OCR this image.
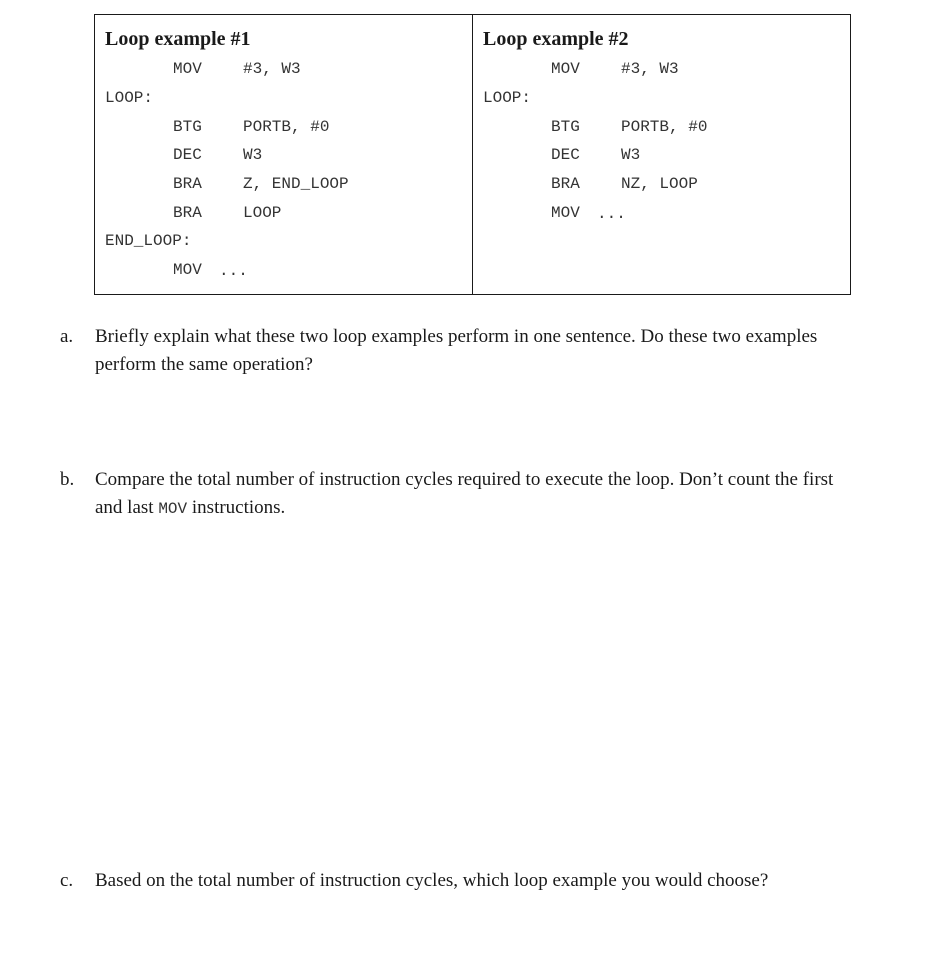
Loop example #1
MOV	#3, W3
LOOP:
BTG	PORTB, #0
DEC	W3
BRA	Z, END_LOOP
BRA	LOOP
END_LOOP:
MOV ...
Loop example #2
MOV	#3, W3
LOOP:
BTG	PORTB, #0
DEC	W3
BRA	NZ, LOOP
MOV ...
a.	Briefly explain what these two loop examples perform in one sentence. Do these two examples perform the same operation?
b.	Compare the total number of instruction cycles required to execute the loop. Don’t count the first and last MOV instructions.
c.	Based on the total number of instruction cycles, which loop example you would choose?
